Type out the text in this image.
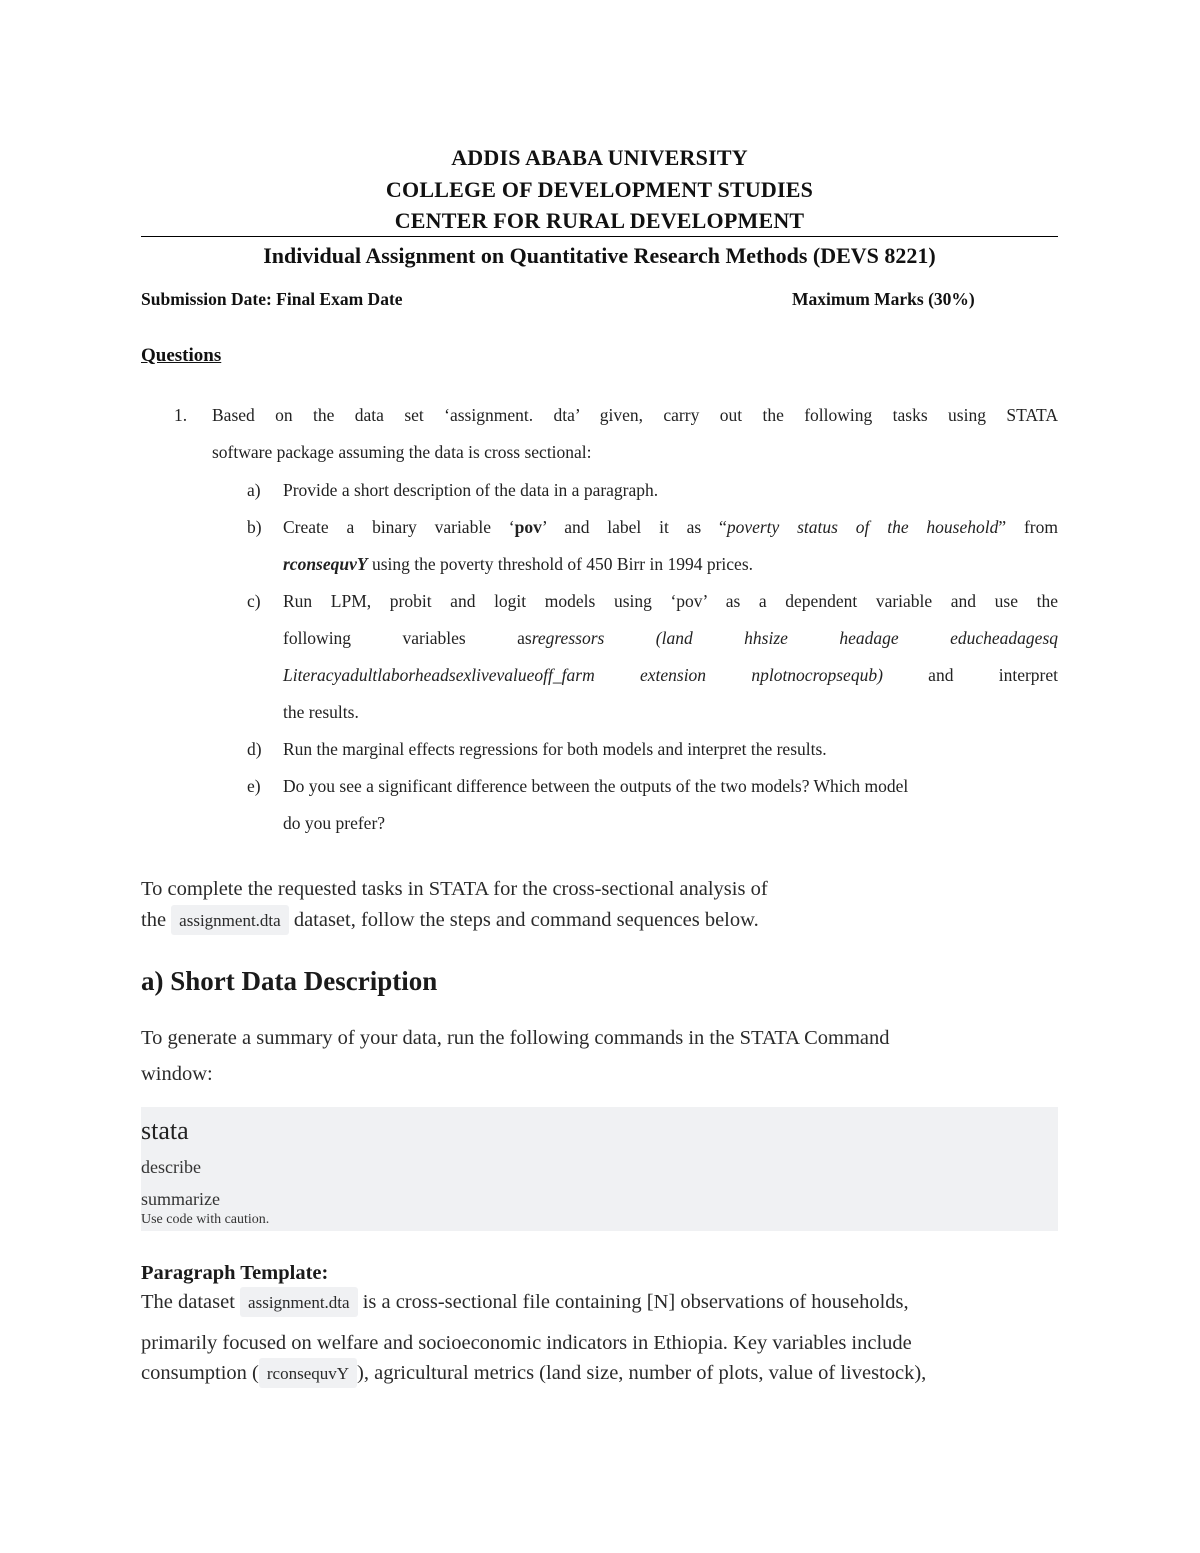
ADDIS ABABA UNIVERSITY
COLLEGE OF DEVELOPMENT STUDIES
CENTER FOR RURAL DEVELOPMENT
Individual Assignment on Quantitative Research Methods (DEVS 8221)
Submission Date: Final Exam Date	Maximum Marks (30%)
Questions
1. Based on the data set ‘assignment. dta’ given, carry out the following tasks using STATA
software package assuming the data is cross sectional:
a) Provide a short description of the data in a paragraph.
b) Create a binary variable ‘pov’ and label it as “poverty status of the household” from
rconsequvY using the poverty threshold of 450 Birr in 1994 prices.
c) Run LPM, probit and logit models using ‘pov’ as a dependent variable and use the
following variables asregressors (land hhsize headage educheadagesq
Literacyadultlaborheadsexlivevalueoff_farm extension nplotnocropsequb) and interpret
the results.
d) Run the marginal effects regressions for both models and interpret the results.
e) Do you see a significant difference between the outputs of the two models? Which model
do you prefer?
To complete the requested tasks in STATA for the cross-sectional analysis of
the assignment.dta dataset, follow the steps and command sequences below.
a) Short Data Description
To generate a summary of your data, run the following commands in the STATA Command
window:
stata
describe
summarize
Use code with caution.
Paragraph Template:
The dataset assignment.dta is a cross-sectional file containing [N] observations of households,
primarily focused on welfare and socioeconomic indicators in Ethiopia. Key variables include
consumption ( rconsequvY ), agricultural metrics (land size, number of plots, value of livestock),
